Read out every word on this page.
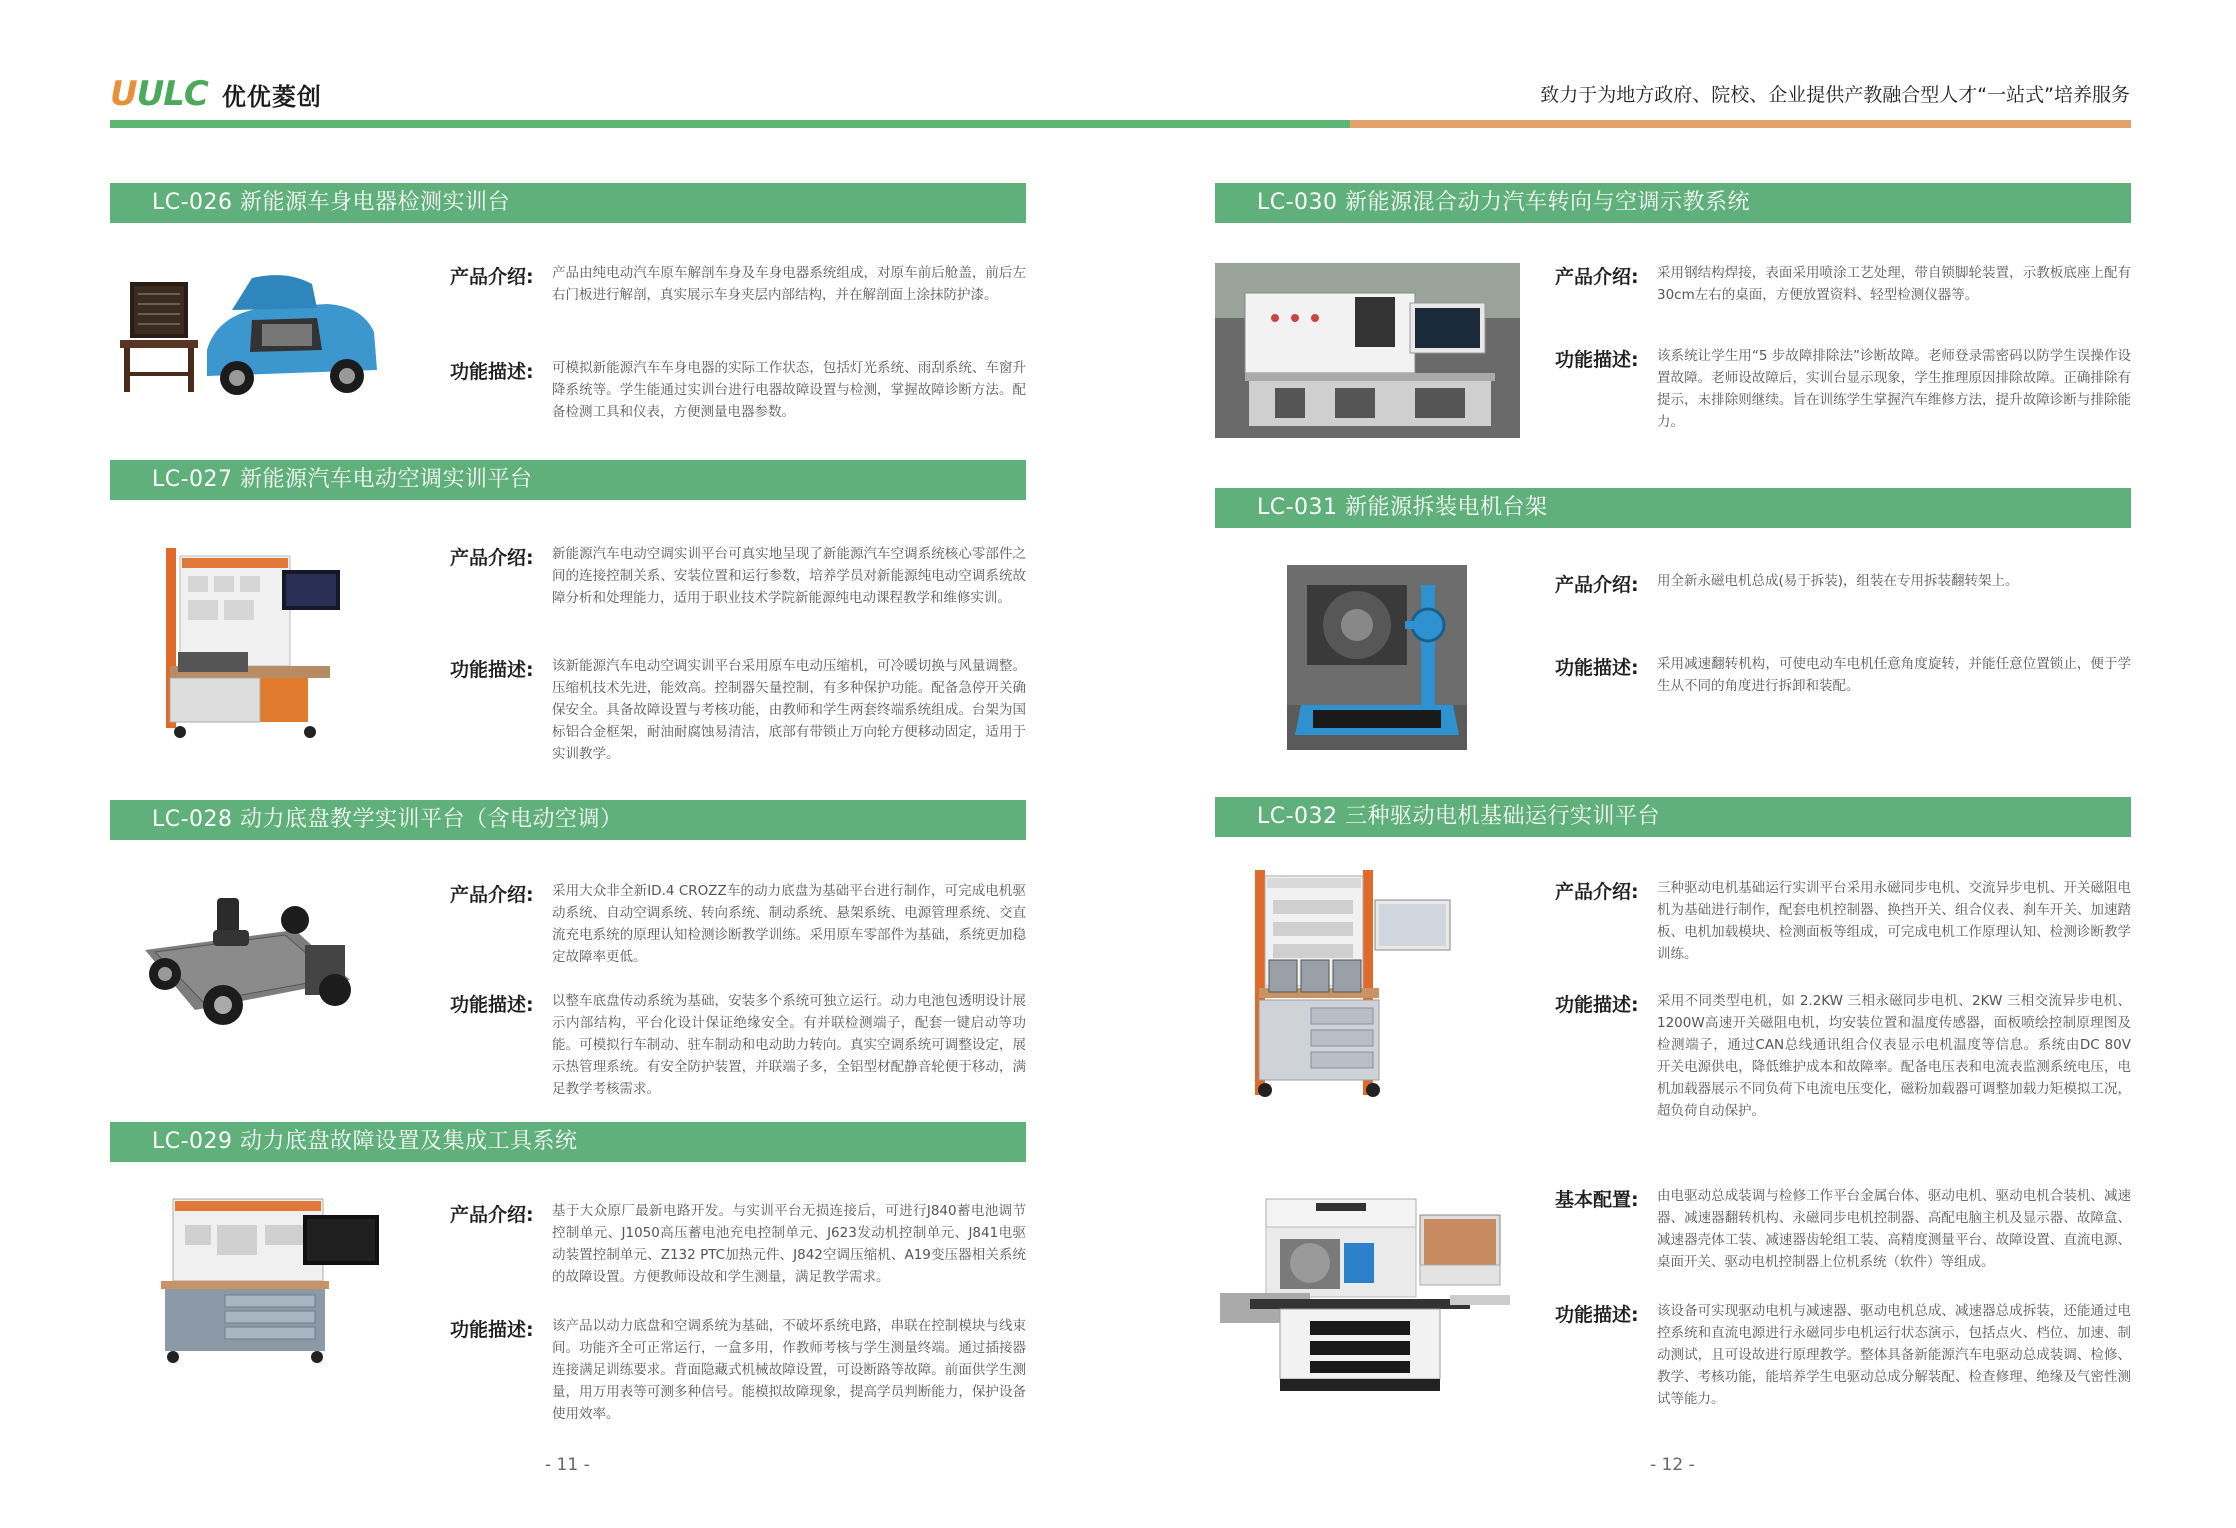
UULC 优优菱创	致力于为地方政府、院校、企业提供产教融合型人才“一站式”培养服务
LC-026 新能源车身电器检测实训台
产品介绍: 产品由纯电动汽车原车解剖车身及车身电器系统组成，对原车前后舱盖，前后左右门板进行解剖，真实展示车身夹层内部结构，并在解剖面上涂抹防护漆。
功能描述: 可模拟新能源汽车车身电器的实际工作状态，包括灯光系统、雨刮系统、车窗升降系统等。学生能通过实训台进行电器故障设置与检测，掌握故障诊断方法。配备检测工具和仪表，方便测量电器参数。
LC-027 新能源汽车电动空调实训平台
产品介绍: 新能源汽车电动空调实训平台可真实地呈现了新能源汽车空调系统核心零部件之间的连接控制关系、安装位置和运行参数，培养学员对新能源纯电动空调系统故障分析和处理能力，适用于职业技术学院新能源纯电动课程教学和维修实训。
功能描述: 该新能源汽车电动空调实训平台采用原车电动压缩机，可冷暖切换与风量调整。压缩机技术先进，能效高。控制器矢量控制，有多种保护功能。配备急停开关确保安全。具备故障设置与考核功能，由教师和学生两套终端系统组成。台架为国标铝合金框架，耐油耐腐蚀易清洁，底部有带锁止万向轮方便移动固定，适用于实训教学。
LC-028 动力底盘教学实训平台（含电动空调）
产品介绍: 采用大众非全新ID.4 CROZZ车的动力底盘为基础平台进行制作，可完成电机驱动系统、自动空调系统、转向系统、制动系统、悬架系统、电源管理系统、交直流充电系统的原理认知检测诊断教学训练。采用原车零部件为基础，系统更加稳定故障率更低。
功能描述: 以整车底盘传动系统为基础，安装多个系统可独立运行。动力电池包透明设计展示内部结构，平台化设计保证绝缘安全。有并联检测端子，配套一键启动等功能。可模拟行车制动、驻车制动和电动助力转向。真实空调系统可调整设定，展示热管理系统。有安全防护装置，并联端子多，全铝型材配静音轮便于移动，满足教学考核需求。
LC-029 动力底盘故障设置及集成工具系统
产品介绍: 基于大众原厂最新电路开发。与实训平台无损连接后，可进行J840蓄电池调节控制单元、J1050高压蓄电池充电控制单元、J623发动机控制单元、J841电驱动装置控制单元、Z132 PTC加热元件、J842空调压缩机、A19变压器相关系统的故障设置。方便教师设故和学生测量，满足教学需求。
功能描述: 该产品以动力底盘和空调系统为基础，不破坏系统电路，串联在控制模块与线束间。功能齐全可正常运行，一盒多用，作教师考核与学生测量终端。通过插接器连接满足训练要求。背面隐藏式机械故障设置，可设断路等故障。前面供学生测量，用万用表等可测多种信号。能模拟故障现象，提高学员判断能力，保护设备使用效率。
- 11 -
LC-030 新能源混合动力汽车转向与空调示教系统
产品介绍: 采用钢结构焊接，表面采用喷涂工艺处理，带自锁脚轮装置，示教板底座上配有30cm左右的桌面，方便放置资料、轻型检测仪器等。
功能描述: 该系统让学生用“5 步故障排除法”诊断故障。老师登录需密码以防学生误操作设置故障。老师设故障后，实训台显示现象，学生推理原因排除故障。正确排除有提示，未排除则继续。旨在训练学生掌握汽车维修方法，提升故障诊断与排除能力。
LC-031 新能源拆装电机台架
产品介绍: 用全新永磁电机总成(易于拆装)，组装在专用拆装翻转架上。
功能描述: 采用减速翻转机构，可使电动车电机任意角度旋转，并能任意位置锁止，便于学生从不同的角度进行拆卸和装配。
LC-032 三种驱动电机基础运行实训平台
产品介绍: 三种驱动电机基础运行实训平台采用永磁同步电机、交流异步电机、开关磁阻电机为基础进行制作，配套电机控制器、换挡开关、组合仪表、刹车开关、加速踏板、电机加载模块、检测面板等组成，可完成电机工作原理认知、检测诊断教学训练。
功能描述: 采用不同类型电机，如 2.2KW 三相永磁同步电机、2KW 三相交流异步电机、1200W高速开关磁阻电机，均安装位置和温度传感器，面板喷绘控制原理图及检测端子，通过CAN总线通讯组合仪表显示电机温度等信息。系统由DC 80V 开关电源供电，降低维护成本和故障率。配备电压表和电流表监测系统电压，电机加载器展示不同负荷下电流电压变化，磁粉加载器可调整加载力矩模拟工况，超负荷自动保护。
基本配置: 由电驱动总成装调与检修工作平台金属台体、驱动电机、驱动电机合装机、减速器、减速器翻转机构、永磁同步电机控制器、高配电脑主机及显示器、故障盒、减速器壳体工装、减速器齿轮组工装、高精度测量平台、故障设置、直流电源、桌面开关、驱动电机控制器上位机系统（软件）等组成。
功能描述: 该设备可实现驱动电机与减速器、驱动电机总成、减速器总成拆装，还能通过电控系统和直流电源进行永磁同步电机运行状态演示，包括点火、档位、加速、制动测试，且可设故进行原理教学。整体具备新能源汽车电驱动总成装调、检修、教学、考核功能，能培养学生电驱动总成分解装配、检查修理、绝缘及气密性测试等能力。
- 12 -
